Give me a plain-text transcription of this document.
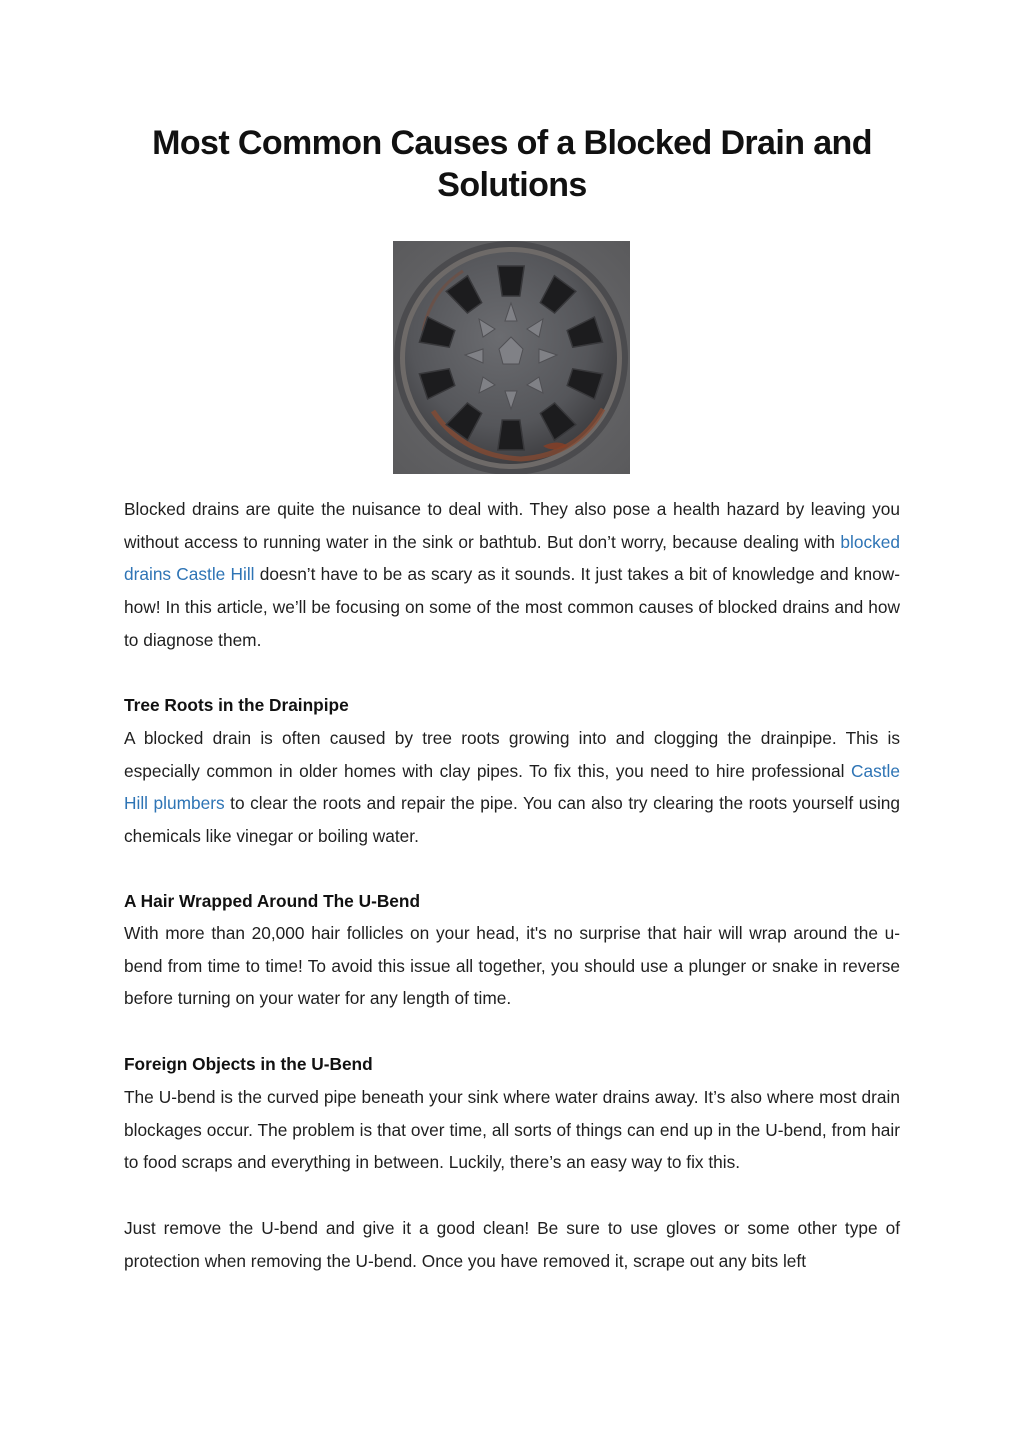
Most Common Causes of a Blocked Drain and Solutions

Blocked drains are quite the nuisance to deal with. They also pose a health hazard by leaving you without access to running water in the sink or bathtub. But don’t worry, because dealing with blocked drains Castle Hill doesn’t have to be as scary as it sounds. It just takes a bit of knowledge and know-how! In this article, we’ll be focusing on some of the most common causes of blocked drains and how to diagnose them.

Tree Roots in the Drainpipe

A blocked drain is often caused by tree roots growing into and clogging the drainpipe. This is especially common in older homes with clay pipes. To fix this, you need to hire professional Castle Hill plumbers to clear the roots and repair the pipe. You can also try clearing the roots yourself using chemicals like vinegar or boiling water.

A Hair Wrapped Around The U-Bend

With more than 20,000 hair follicles on your head, it's no surprise that hair will wrap around the u-bend from time to time! To avoid this issue all together, you should use a plunger or snake in reverse before turning on your water for any length of time.

Foreign Objects in the U-Bend

The U-bend is the curved pipe beneath your sink where water drains away. It’s also where most drain blockages occur. The problem is that over time, all sorts of things can end up in the U-bend, from hair to food scraps and everything in between. Luckily, there’s an easy way to fix this.

Just remove the U-bend and give it a good clean! Be sure to use gloves or some other type of protection when removing the U-bend. Once you have removed it, scrape out any bits left
